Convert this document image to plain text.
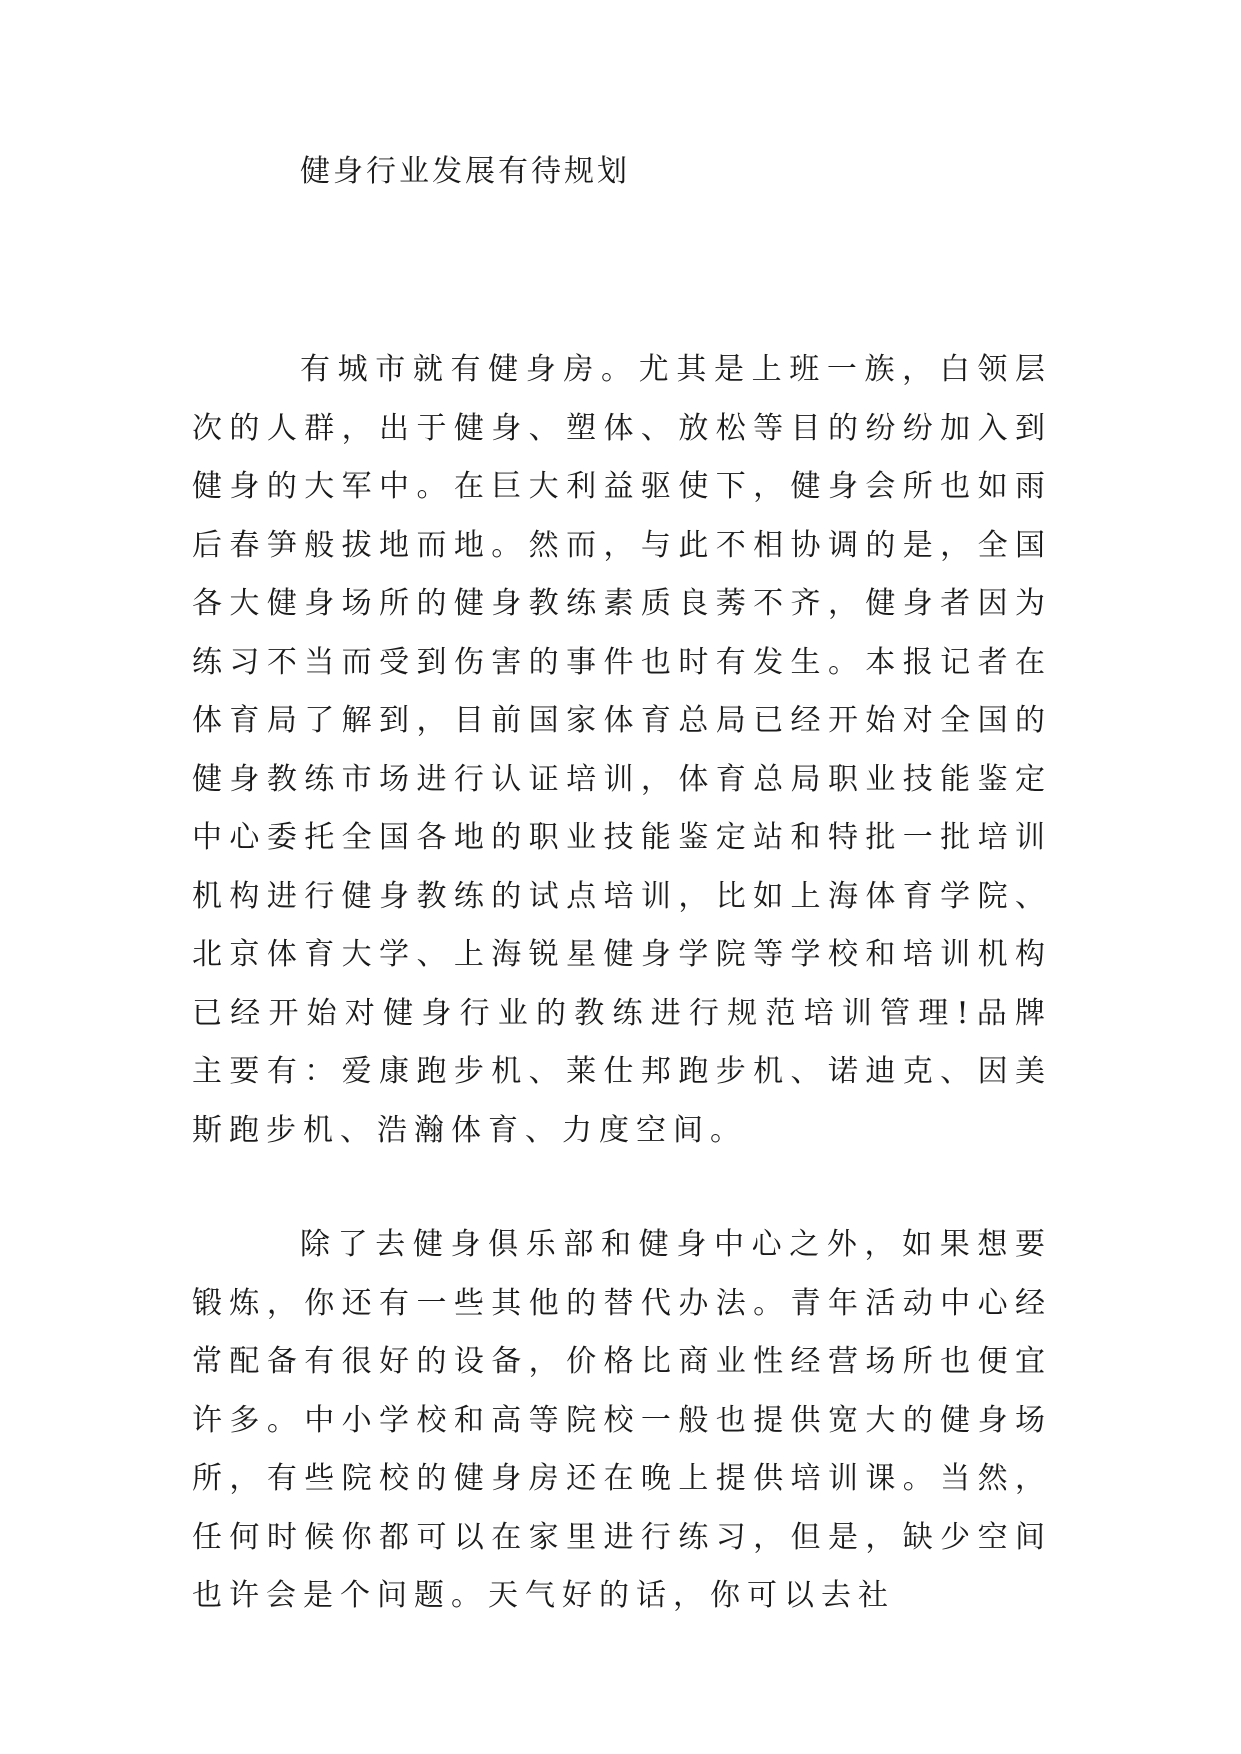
健身行业发展有待规划

有城市就有健身房。尤其是上班一族，白领层次的人群，出于健身、塑体、放松等目的纷纷加入到健身的大军中。在巨大利益驱使下，健身会所也如雨后春笋般拔地而地。然而，与此不相协调的是，全国各大健身场所的健身教练素质良莠不齐，健身者因为练习不当而受到伤害的事件也时有发生。本报记者在体育局了解到，目前国家体育总局已经开始对全国的健身教练市场进行认证培训，体育总局职业技能鉴定中心委托全国各地的职业技能鉴定站和特批一批培训机构进行健身教练的试点培训，比如上海体育学院、北京体育大学、上海锐星健身学院等学校和培训机构已经开始对健身行业的教练进行规范培训管理!品牌主要有：爱康跑步机、莱仕邦跑步机、诺迪克、因美斯跑步机、浩瀚体育、力度空间。

除了去健身俱乐部和健身中心之外，如果想要锻炼，你还有一些其他的替代办法。青年活动中心经常配备有很好的设备，价格比商业性经营场所也便宜许多。中小学校和高等院校一般也提供宽大的健身场所，有些院校的健身房还在晚上提供培训课。当然，任何时候你都可以在家里进行练习，但是，缺少空间也许会是个问题。天气好的话，你可以去社
